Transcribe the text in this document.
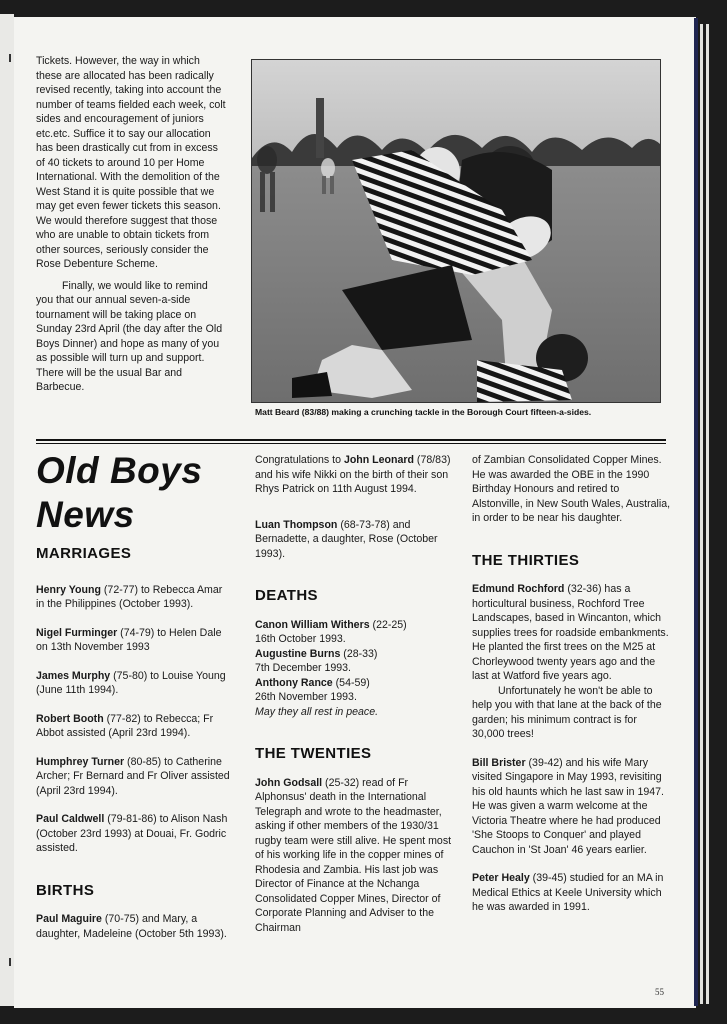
Tickets. However, the way in which these are allocated has been radically revised recently, taking into account the number of teams fielded each week, colt sides and encouragement of juniors etc.etc. Suffice it to say our allocation has been drastically cut from in excess of 40 tickets to around 10 per Home International. With the demolition of the West Stand it is quite possible that we may get even fewer tickets this season. We would therefore suggest that those who are unable to obtain tickets from other sources, seriously consider the Rose Debenture Scheme.

Finally, we would like to remind you that our annual seven-a-side tournament will be taking place on Sunday 23rd April (the day after the Old Boys Dinner) and hope as many of you as possible will turn up and support. There will be the usual Bar and Barbecue.

Matt Beard (83/88) making a crunching tackle in the Borough Court fifteen-a-sides.

Old Boys
News
MARRIAGES

Henry Young (72-77) to Rebecca Amar in the Philippines (October 1993).

Nigel Furminger (74-79) to Helen Dale on 13th November 1993

James Murphy (75-80) to Louise Young (June 11th 1994).

Robert Booth (77-82) to Rebecca; Fr Abbot assisted (April 23rd 1994).

Humphrey Turner (80-85) to Catherine Archer; Fr Bernard and Fr Oliver assisted (April 23rd 1994).

Paul Caldwell (79-81-86) to Alison Nash (October 23rd 1993) at Douai, Fr. Godric assisted.

BIRTHS

Paul Maguire (70-75) and Mary, a daughter, Madeleine (October 5th 1993).

Congratulations to John Leonard (78/83) and his wife Nikki on the birth of their son Rhys Patrick on 11th August 1994.

Luan Thompson (68-73-78) and Bernadette, a daughter, Rose (October 1993).

DEATHS

Canon William Withers (22-25)
16th October 1993.

Augustine Burns (28-33)
7th December 1993.

Anthony Rance (54-59)
26th November 1993.

May they all rest in peace.

THE TWENTIES

John Godsall (25-32) read of Fr Alphonsus' death in the International Telegraph and wrote to the headmaster, asking if other members of the 1930/31 rugby team were still alive. He spent most of his working life in the copper mines of Rhodesia and Zambia. His last job was Director of Finance at the Nchanga Consolidated Copper Mines, Director of Corporate Planning and Adviser to the Chairman

of Zambian Consolidated Copper Mines. He was awarded the OBE in the 1990 Birthday Honours and retired to Alstonville, in New South Wales, Australia, in order to be near his daughter.

THE THIRTIES

Edmund Rochford (32-36) has a horticultural business, Rochford Tree Landscapes, based in Wincanton, which supplies trees for roadside embankments. He planted the first trees on the M25 at Chorleywood twenty years ago and the last at Watford five years ago.

Unfortunately he won't be able to help you with that lane at the back of the garden; his minimum contract is for 30,000 trees!

Bill Brister (39-42) and his wife Mary visited Singapore in May 1993, revisiting his old haunts which he last saw in 1947. He was given a warm welcome at the Victoria Theatre where he had produced 'She Stoops to Conquer' and played Cauchon in 'St Joan' 46 years earlier.

Peter Healy (39-45) studied for an MA in Medical Ethics at Keele University which he was awarded in 1991.

55
